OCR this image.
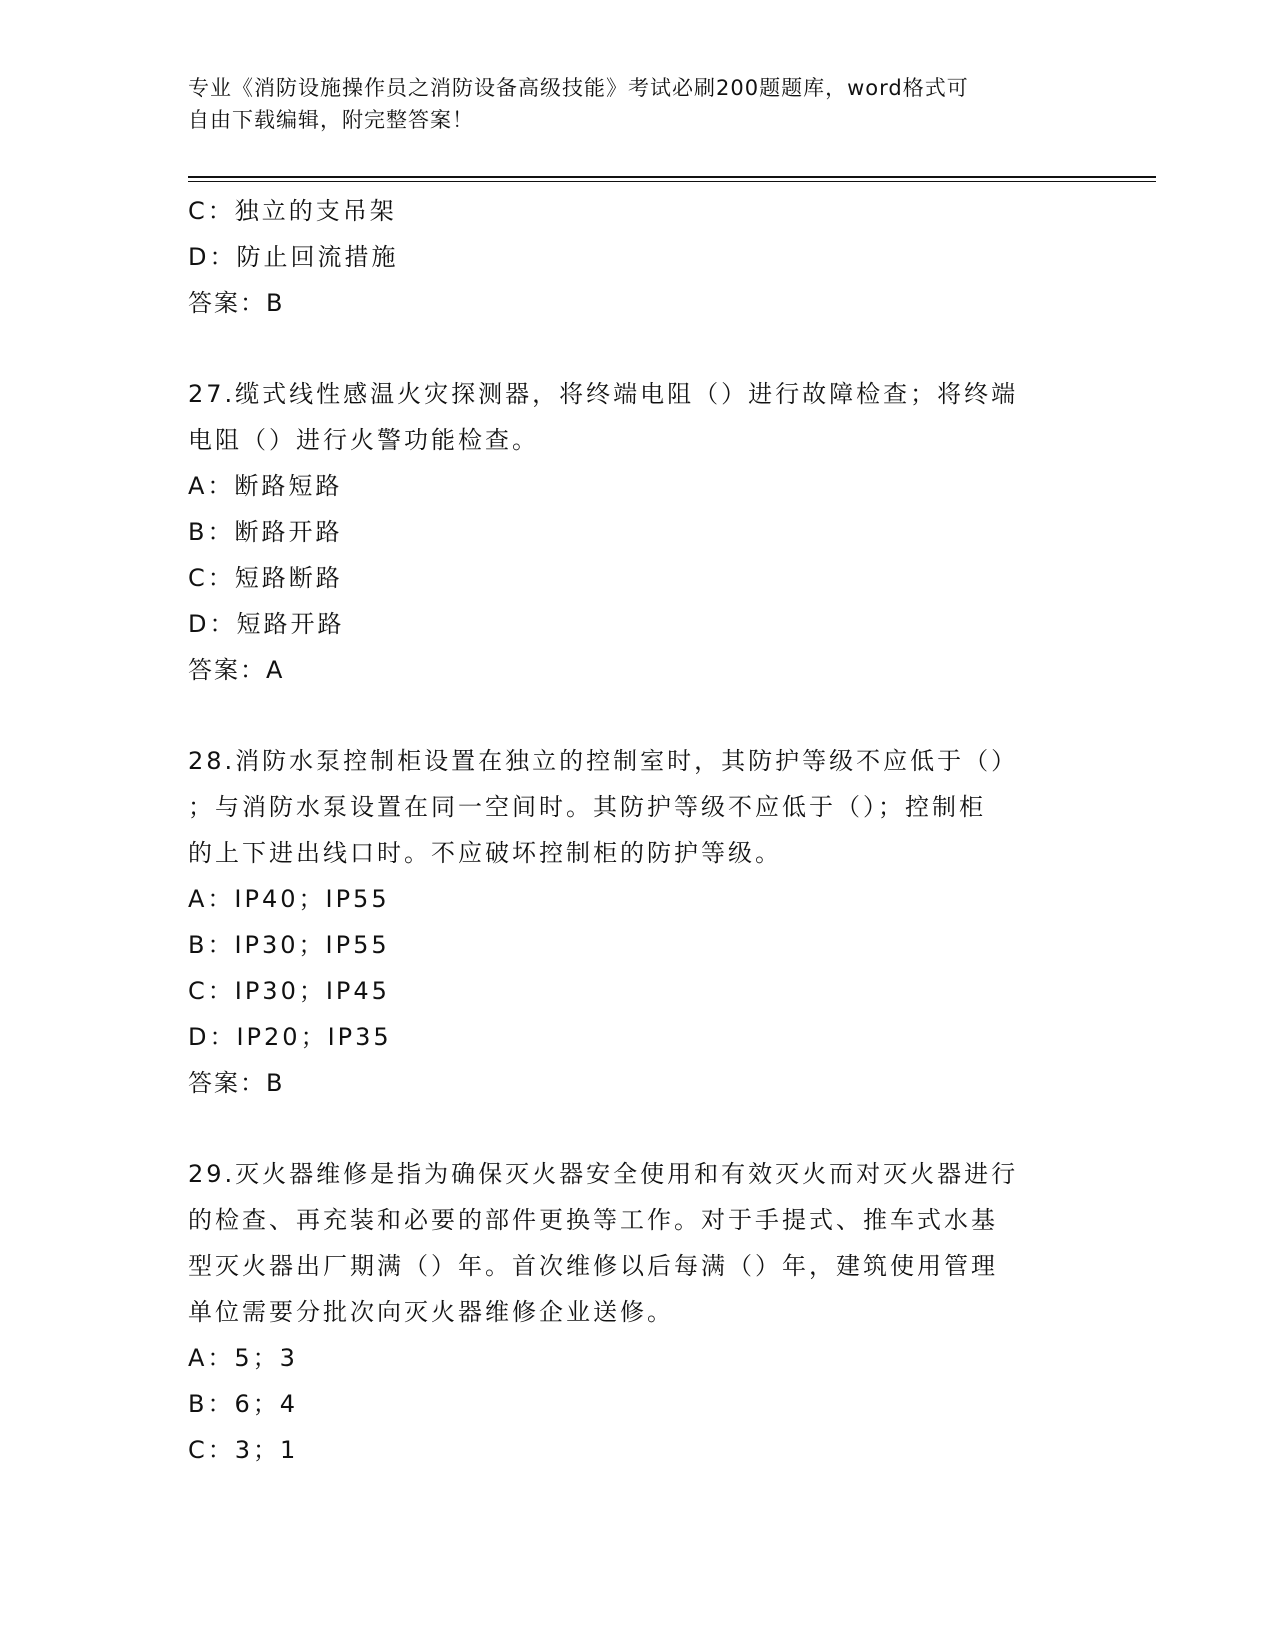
专业《消防设施操作员之消防设备高级技能》考试必刷200题题库，word格式可
自由下载编辑，附完整答案！
C：独立的支吊架
D：防止回流措施
答案：B
27.缆式线性感温火灾探测器，将终端电阻（）进行故障检查；将终端
电阻（）进行火警功能检查。
A：断路短路
B：断路开路
C：短路断路
D：短路开路
答案：A
28.消防水泵控制柜设置在独立的控制室时，其防护等级不应低于（）
；与消防水泵设置在同一空间时。其防护等级不应低于（）；控制柜
的上下进出线口时。不应破坏控制柜的防护等级。
A：IP40；IP55
B：IP30；IP55
C：IP30；IP45
D：IP20；IP35
答案：B
29.灭火器维修是指为确保灭火器安全使用和有效灭火而对灭火器进行
的检查、再充装和必要的部件更换等工作。对于手提式、推车式水基
型灭火器出厂期满（）年。首次维修以后每满（）年，建筑使用管理
单位需要分批次向灭火器维修企业送修。
A：5；3
B：6；4
C：3；1
